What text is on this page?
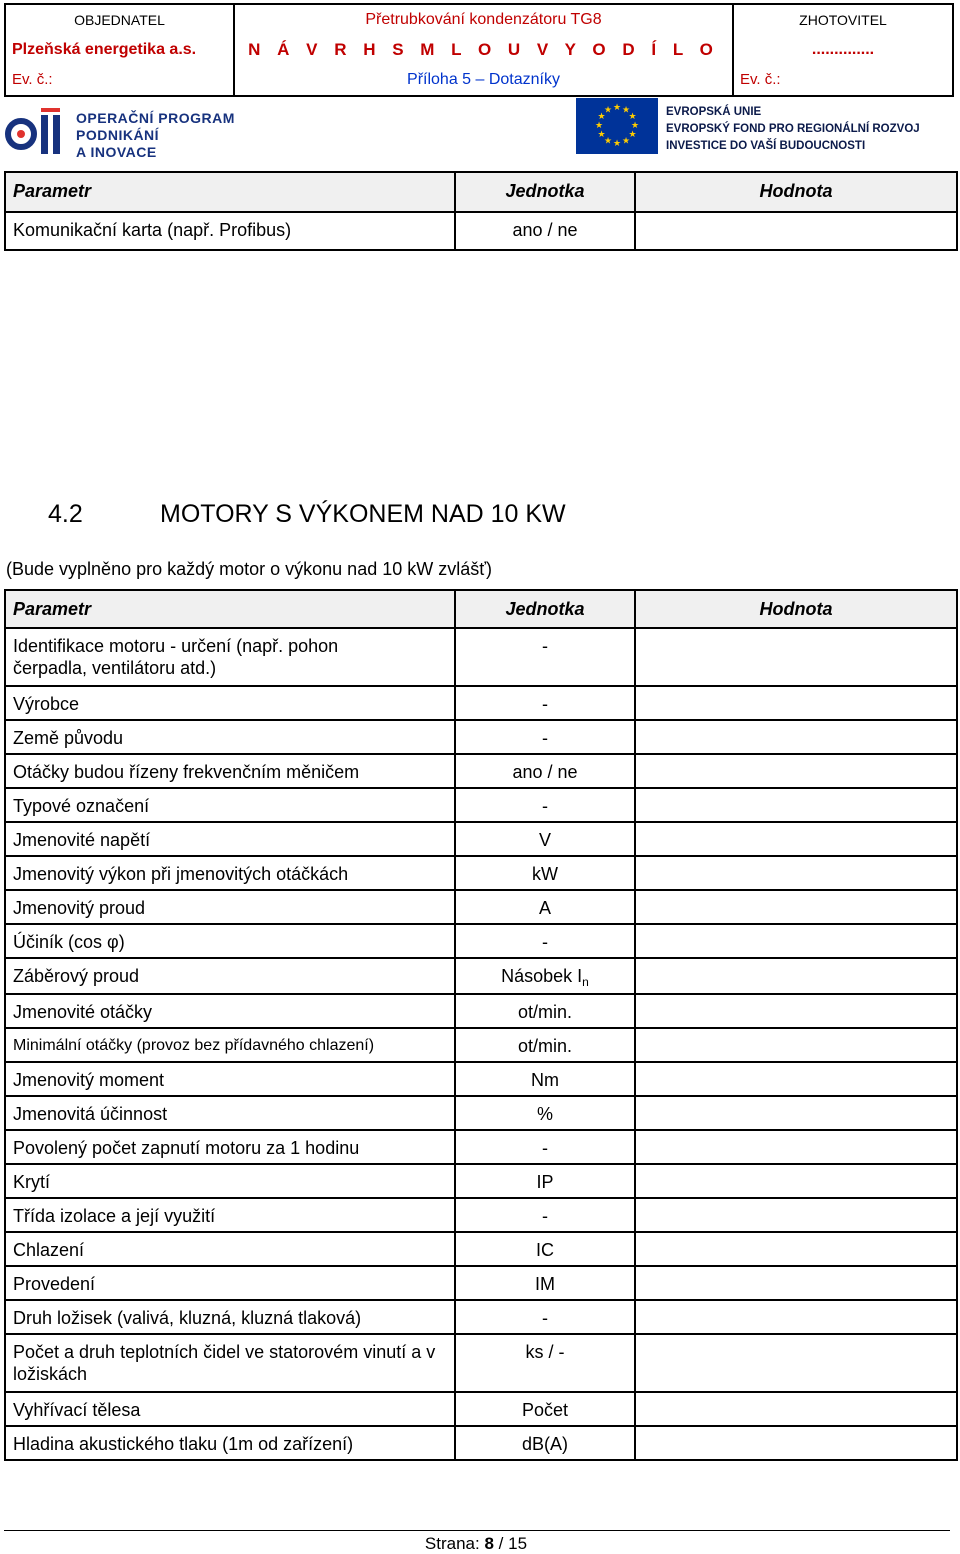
OBJEDNATEL
Plzeňská energetika a.s.
Ev. č.:

Přetrubkování kondenzátoru TG8
N Á V R H S M L O U V Y O D Í L O
Příloha 5 – Dotazníky

ZHOTOVITEL
..............
Ev. č.:
OPERAČNÍ PROGRAM
PODNIKÁNÍ
A INOVACE
★ ★
★
★
★
★
★
★
★
★
★
★	EVROPSKÁ UNIE
EVROPSKÝ FOND PRO REGIONÁLNÍ ROZVOJ
INVESTICE DO VAŠÍ BUDOUCNOSTI
Parametr	Jednotka	Hodnota
Komunikační karta (např. Profibus)	ano / ne	
4.2	MOTORY S VÝKONEM NAD 10 KW
(Bude vyplněno pro každý motor o výkonu nad 10 kW zvlášť)
Parametr	Jednotka	Hodnota
Identifikace motoru - určení (např. pohon čerpadla, ventilátoru atd.)	-	
Výrobce	-	
Země původu	-	
Otáčky budou řízeny frekvenčním měničem	ano / ne	
Typové označení	-	
Jmenovité napětí	V	
Jmenovitý výkon při jmenovitých otáčkách	kW	
Jmenovitý proud	A	
Účiník (cos φ)	-	
Záběrový proud	Násobek $I_n$	
Jmenovité otáčky	ot/min.	
Minimální otáčky (provoz bez přídavného chlazení)	ot/min.	
Jmenovitý moment	Nm	
Jmenovitá účinnost	%	
Povolený počet zapnutí motoru za 1 hodinu	-	
Krytí	IP	
Třída izolace a její využití	-	
Chlazení	IC	
Provedení	IM	
Druh ložisek (valivá, kluzná, kluzná tlaková)	-	
Počet a druh teplotních čidel ve statorovém vinutí a v ložiskách	ks / -	
Vyhřívací tělesa	Počet	
Hladina akustického tlaku (1m od zařízení)	dB(A)	
Strana: 8 / 15
